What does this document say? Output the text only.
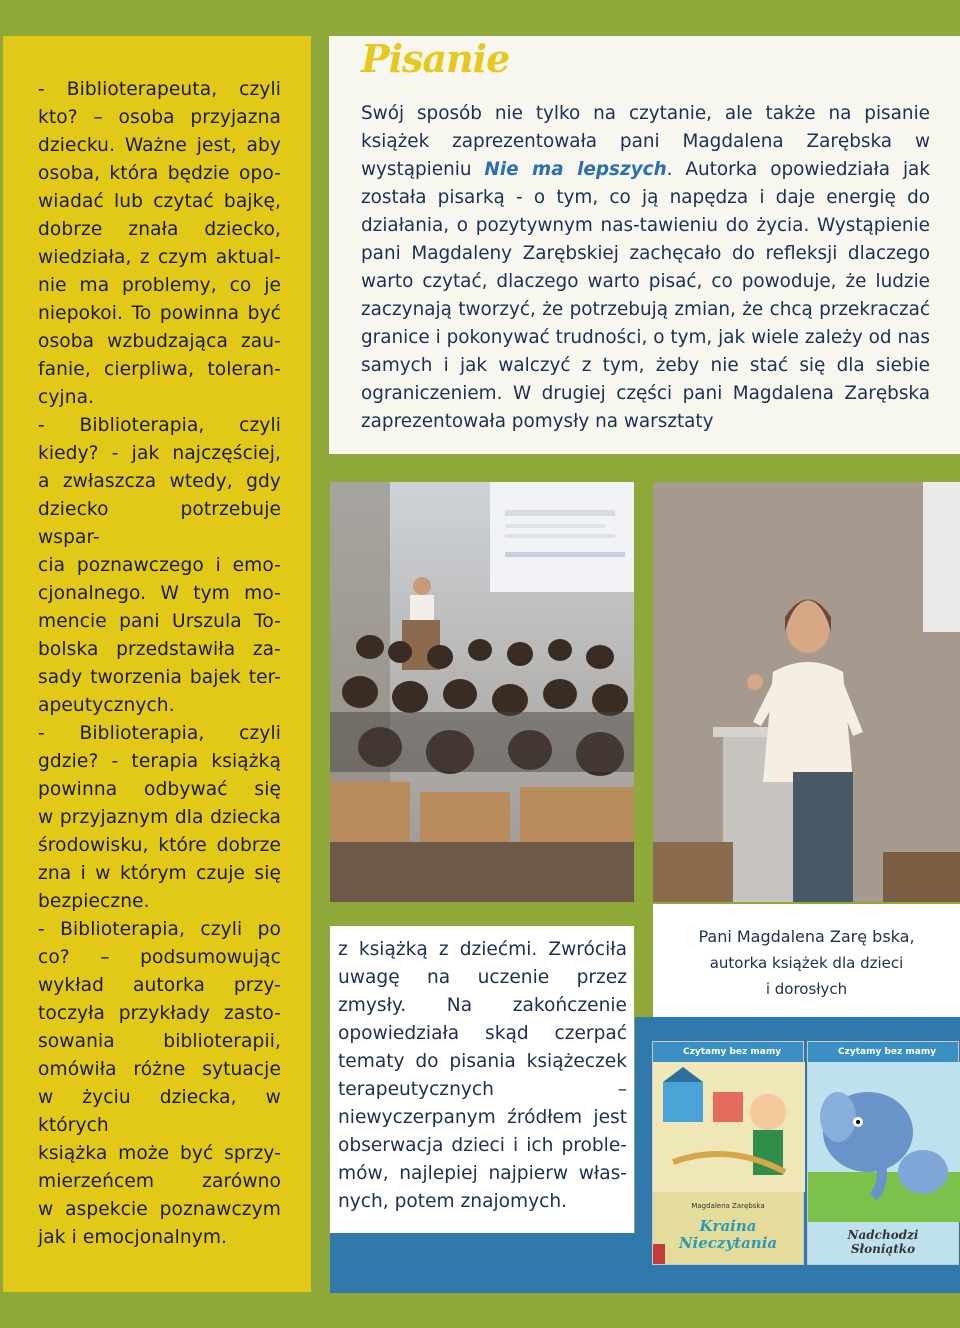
- Biblioterapeuta, czyli
kto? – osoba przyjazna
dziecku. Ważne jest, aby
osoba, która będzie opo-
wiadać lub czytać bajkę,
dobrze znała dziecko,
wiedziała, z czym aktual-
nie ma problemy, co je
niepokoi. To powinna być
osoba wzbudzająca zau-
fanie, cierpliwa, toleran-
cyjna.
- Biblioterapia, czyli
kiedy? - jak najczęściej,
a zwłaszcza wtedy, gdy
dziecko potrzebuje wspar-
cia poznawczego i emo-
cjonalnego. W tym mo-
mencie pani Urszula To-
bolska przedstawiła za-
sady tworzenia bajek ter-
apeutycznych.
- Biblioterapia, czyli
gdzie? - terapia książką
powinna odbywać się
w przyjaznym dla dziecka
środowisku, które dobrze
zna i w którym czuje się
bezpieczne.
- Biblioterapia, czyli po
co? – podsumowując
wykład autorka przy-
toczyła przykłady zasto-
sowania biblioterapii,
omówiła różne sytuacje
w życiu dziecka, w których
książka może być sprzy-
mierzeńcem zarówno
w aspekcie poznawczym
jak i emocjonalnym.

Pisanie

Swój sposób nie tylko na czytanie, ale także na pisanie książek zaprezentowała pani Magdalena Zarębska w wystąpieniu Nie ma lepszych. Autorka opowiedziała jak została pisarką - o tym, co ją napędza i daje energię do działania, o pozytywnym nas-tawieniu do życia. Wystąpienie pani Magdaleny Zarębskiej zachęcało do refleksji dlaczego warto czytać, dlaczego warto pisać, co powoduje, że ludzie zaczynają tworzyć, że potrzebują zmian, że chcą przekraczać granice i pokonywać trudności, o tym, jak wiele zależy od nas samych i jak walczyć z tym, żeby nie stać się dla siebie ograniczeniem. W drugiej części pani Magdalena Zarębska zaprezentowała pomysły na warsztaty

z książką z dziećmi. Zwróciła uwagę na uczenie przez zmysły. Na zakończenie opowiedziała skąd czerpać tematy do pisania książeczek terapeutycznych – niewyczerpanym źródłem jest obserwacja dzieci i ich proble-mów, najlepiej najpierw włas-nych, potem znajomych.

Pani Magdalena Zarę bska,
autorka książek dla dzieci
i dorosłych
Czytamy bez mamy
Magdalena Zarębska
Kraina
Nieczytania
Czytamy bez mamy
Nadchodzi
Słoniątko
